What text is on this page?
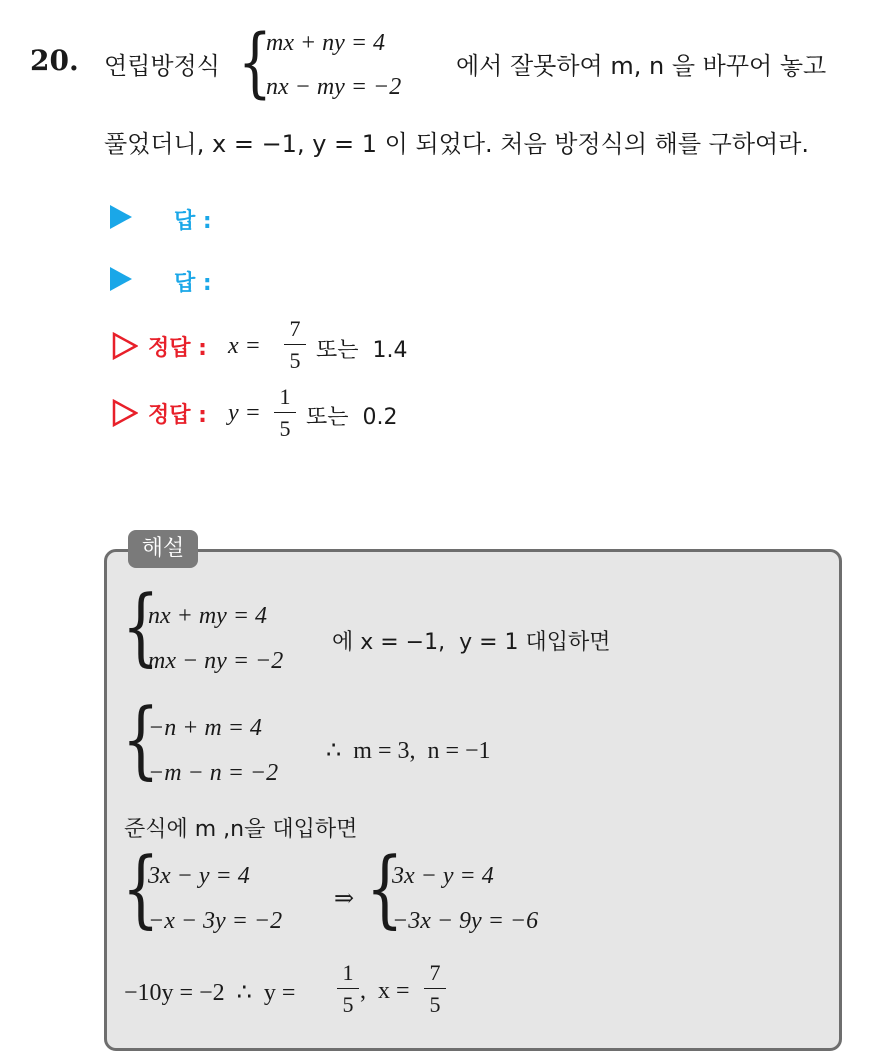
20. 연립방정식 {
mx + ny = 4
nx − my = −2
에서 잘못하여 m, n 을 바꾸어 놓고
풀었더니, x = −1, y = 1 이 되었다. 처음 방정식의 해를 구하여라.
답 :
답 :
정답 : x =
7
5 또는  1.4
정답 : y =
1
5 또는  0.2
해설
{
nx + my = 4
mx − ny = −2
에 x = −1,  y = 1 대입하면
{
−n + m = 4
−m − n = −2
∴  m = 3,  n = −1
준식에 m ,n을 대입하면
{
3x − y = 4
−x − 3y = −2
⇒ {
3x − y = 4
−3x − 9y = −6
−10y = −2  ∴  y =
1
5
,  x =
7
5
